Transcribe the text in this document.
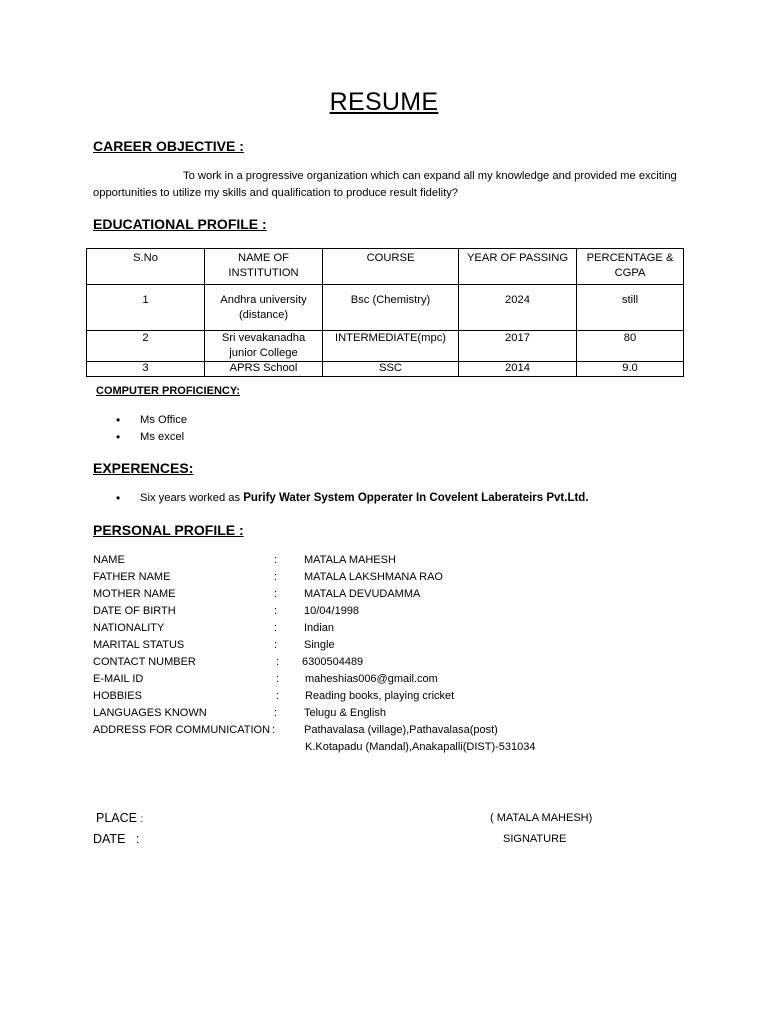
RESUME
CAREER OBJECTIVE :
To work in a progressive organization which can expand all my knowledge and provided me exciting opportunities to utilize my skills and qualification to produce result fidelity?
EDUCATIONAL PROFILE :
S.No	NAME OF INSTITUTION	COURSE	YEAR OF PASSING	PERCENTAGE & CGPA
1	Andhra university (distance)	Bsc (Chemistry)	2024	still
2	Sri vevakanadha junior College	INTERMEDIATE(mpc)	2017	80
3	APRS School	SSC	2014	9.0
COMPUTER PROFICIENCY:
• Ms Office
• Ms excel
EXPERENCES:
• Six years worked as Purify Water System Opperater In Covelent Laberateirs Pvt.Ltd.
PERSONAL PROFILE :
NAME	: MATALA MAHESH
FATHER NAME	: MATALA LAKSHMANA RAO
MOTHER NAME	: MATALA DEVUDAMMA
DATE OF BIRTH	: 10/04/1998
NATIONALITY	: Indian
MARITAL STATUS	: Single
CONTACT NUMBER	: 6300504489
E-MAIL ID	: maheshias006@gmail.com
HOBBIES	: Reading books, playing cricket
LANGUAGES KNOWN	: Telugu & English
ADDRESS FOR COMMUNICATION :	Pathavalasa (village),Pathavalasa(post)
K.Kotapadu (Mandal),Anakapalli(DIST)-531034
PLACE :
DATE :
( MATALA MAHESH)
SIGNATURE
